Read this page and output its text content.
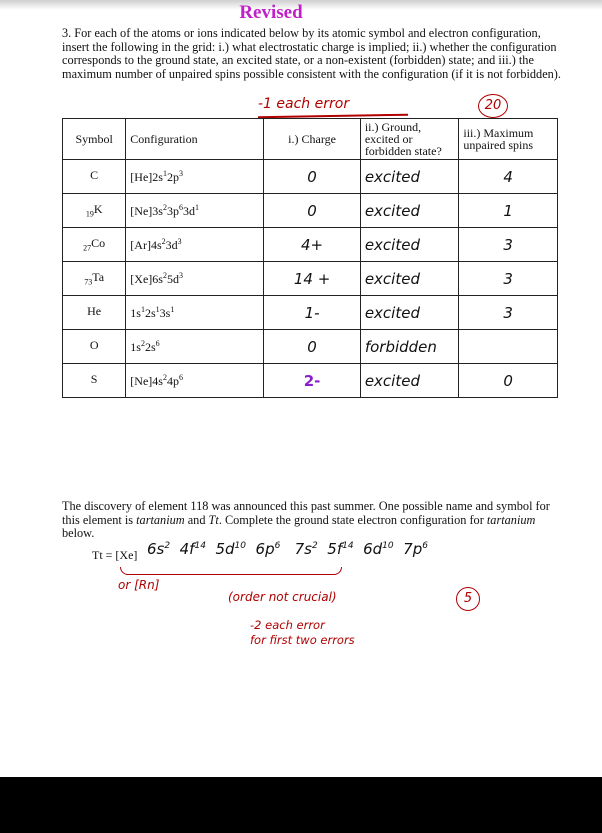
Revised
3. For each of the atoms or ions indicated below by its atomic symbol and electron configuration, insert the following in the grid: i.) what electrostatic charge is implied; ii.) whether the configuration corresponds to the ground state, an excited state, or a non-existent (forbidden) state; and iii.) the maximum number of unpaired spins possible consistent with the configuration (if it is not forbidden).
-1 each error	20
Symbol	Configuration	i.) Charge	ii.) Ground, excited or forbidden state?	iii.) Maximum unpaired spins
C	$[He]2s^12p^3$	0	excited	4
$_{19}$K	$[Ne]3s^23p^63d^1$	0	excited	1
$_{27}$Co	$[Ar]4s^23d^3$	4+	excited	3
$_{73}$Ta	$[Xe]6s^25d^3$	14 +	excited	3
He	$1s^12s^13s^1$	1-	excited	3
O	$1s^22s^6$	0	forbidden	
S	$[Ne]4s^24p^6$	2-	excited	0
The discovery of element 118 was announced this past summer. One possible name and symbol for this element is tartanium and Tt. Complete the ground state electron configuration for tartanium below.
Tt = [Xe] $6s^2$  $4f^{14}$  $5d^{10}$  $6p^6$   $7s^2$  $5f^{14}$  $6d^{10}$  $7p^6$
or [Rn]
(order not crucial)	5
-2 each error
for first two errors
